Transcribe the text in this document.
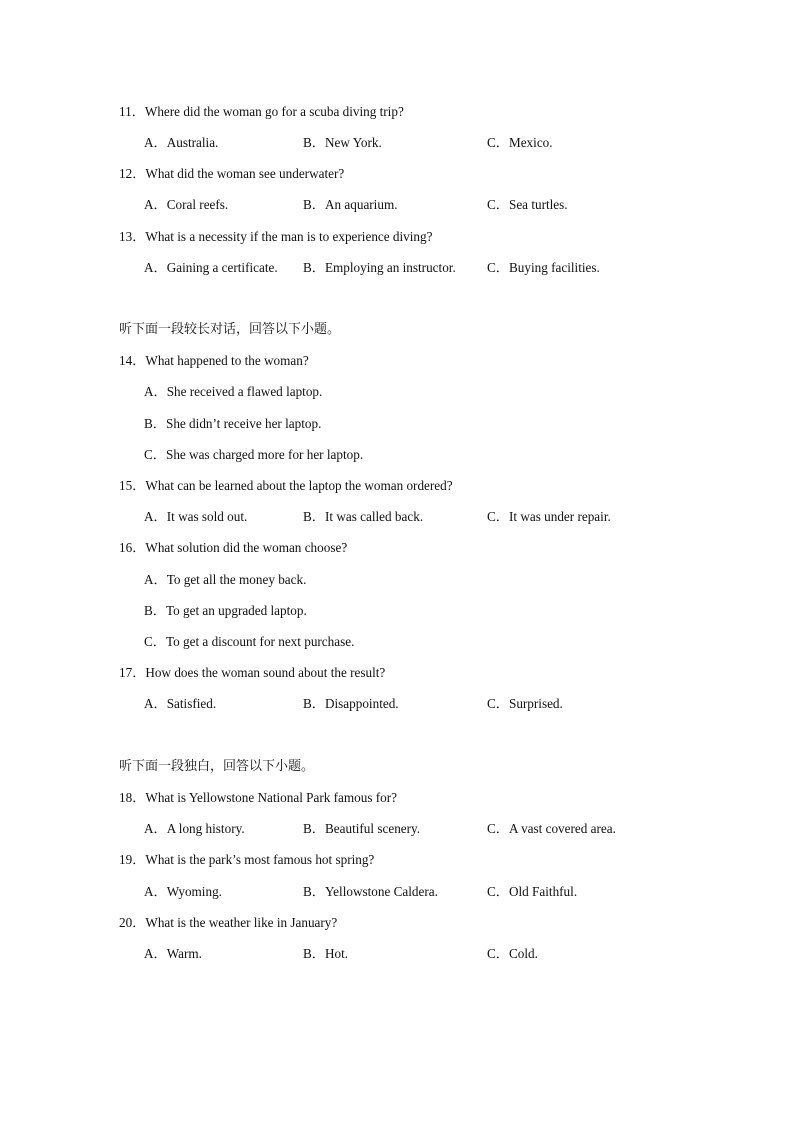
11．Where did the woman go for a scuba diving trip?
A．Australia.	B．New York.	C．Mexico.
12．What did the woman see underwater?
A．Coral reefs.	B．An aquarium.	C．Sea turtles.
13．What is a necessity if the man is to experience diving?
A．Gaining a certificate. B．Employing an instructor. C．Buying facilities.
听下面一段较长对话，回答以下小题。
14．What happened to the woman?
A．She received a flawed laptop.
B．She didn’t receive her laptop.
C．She was charged more for her laptop.
15．What can be learned about the laptop the woman ordered?
A．It was sold out.	B．It was called back.	C．It was under repair.
16．What solution did the woman choose?
A．To get all the money back.
B．To get an upgraded laptop.
C．To get a discount for next purchase.
17．How does the woman sound about the result?
A．Satisfied.	B．Disappointed.	C．Surprised.
听下面一段独白，回答以下小题。
18．What is Yellowstone National Park famous for?
A．A long history.	B．Beautiful scenery.	C．A vast covered area.
19．What is the park’s most famous hot spring?
A．Wyoming.	B．Yellowstone Caldera.	C．Old Faithful.
20．What is the weather like in January?
A．Warm.	B．Hot.	C．Cold.
